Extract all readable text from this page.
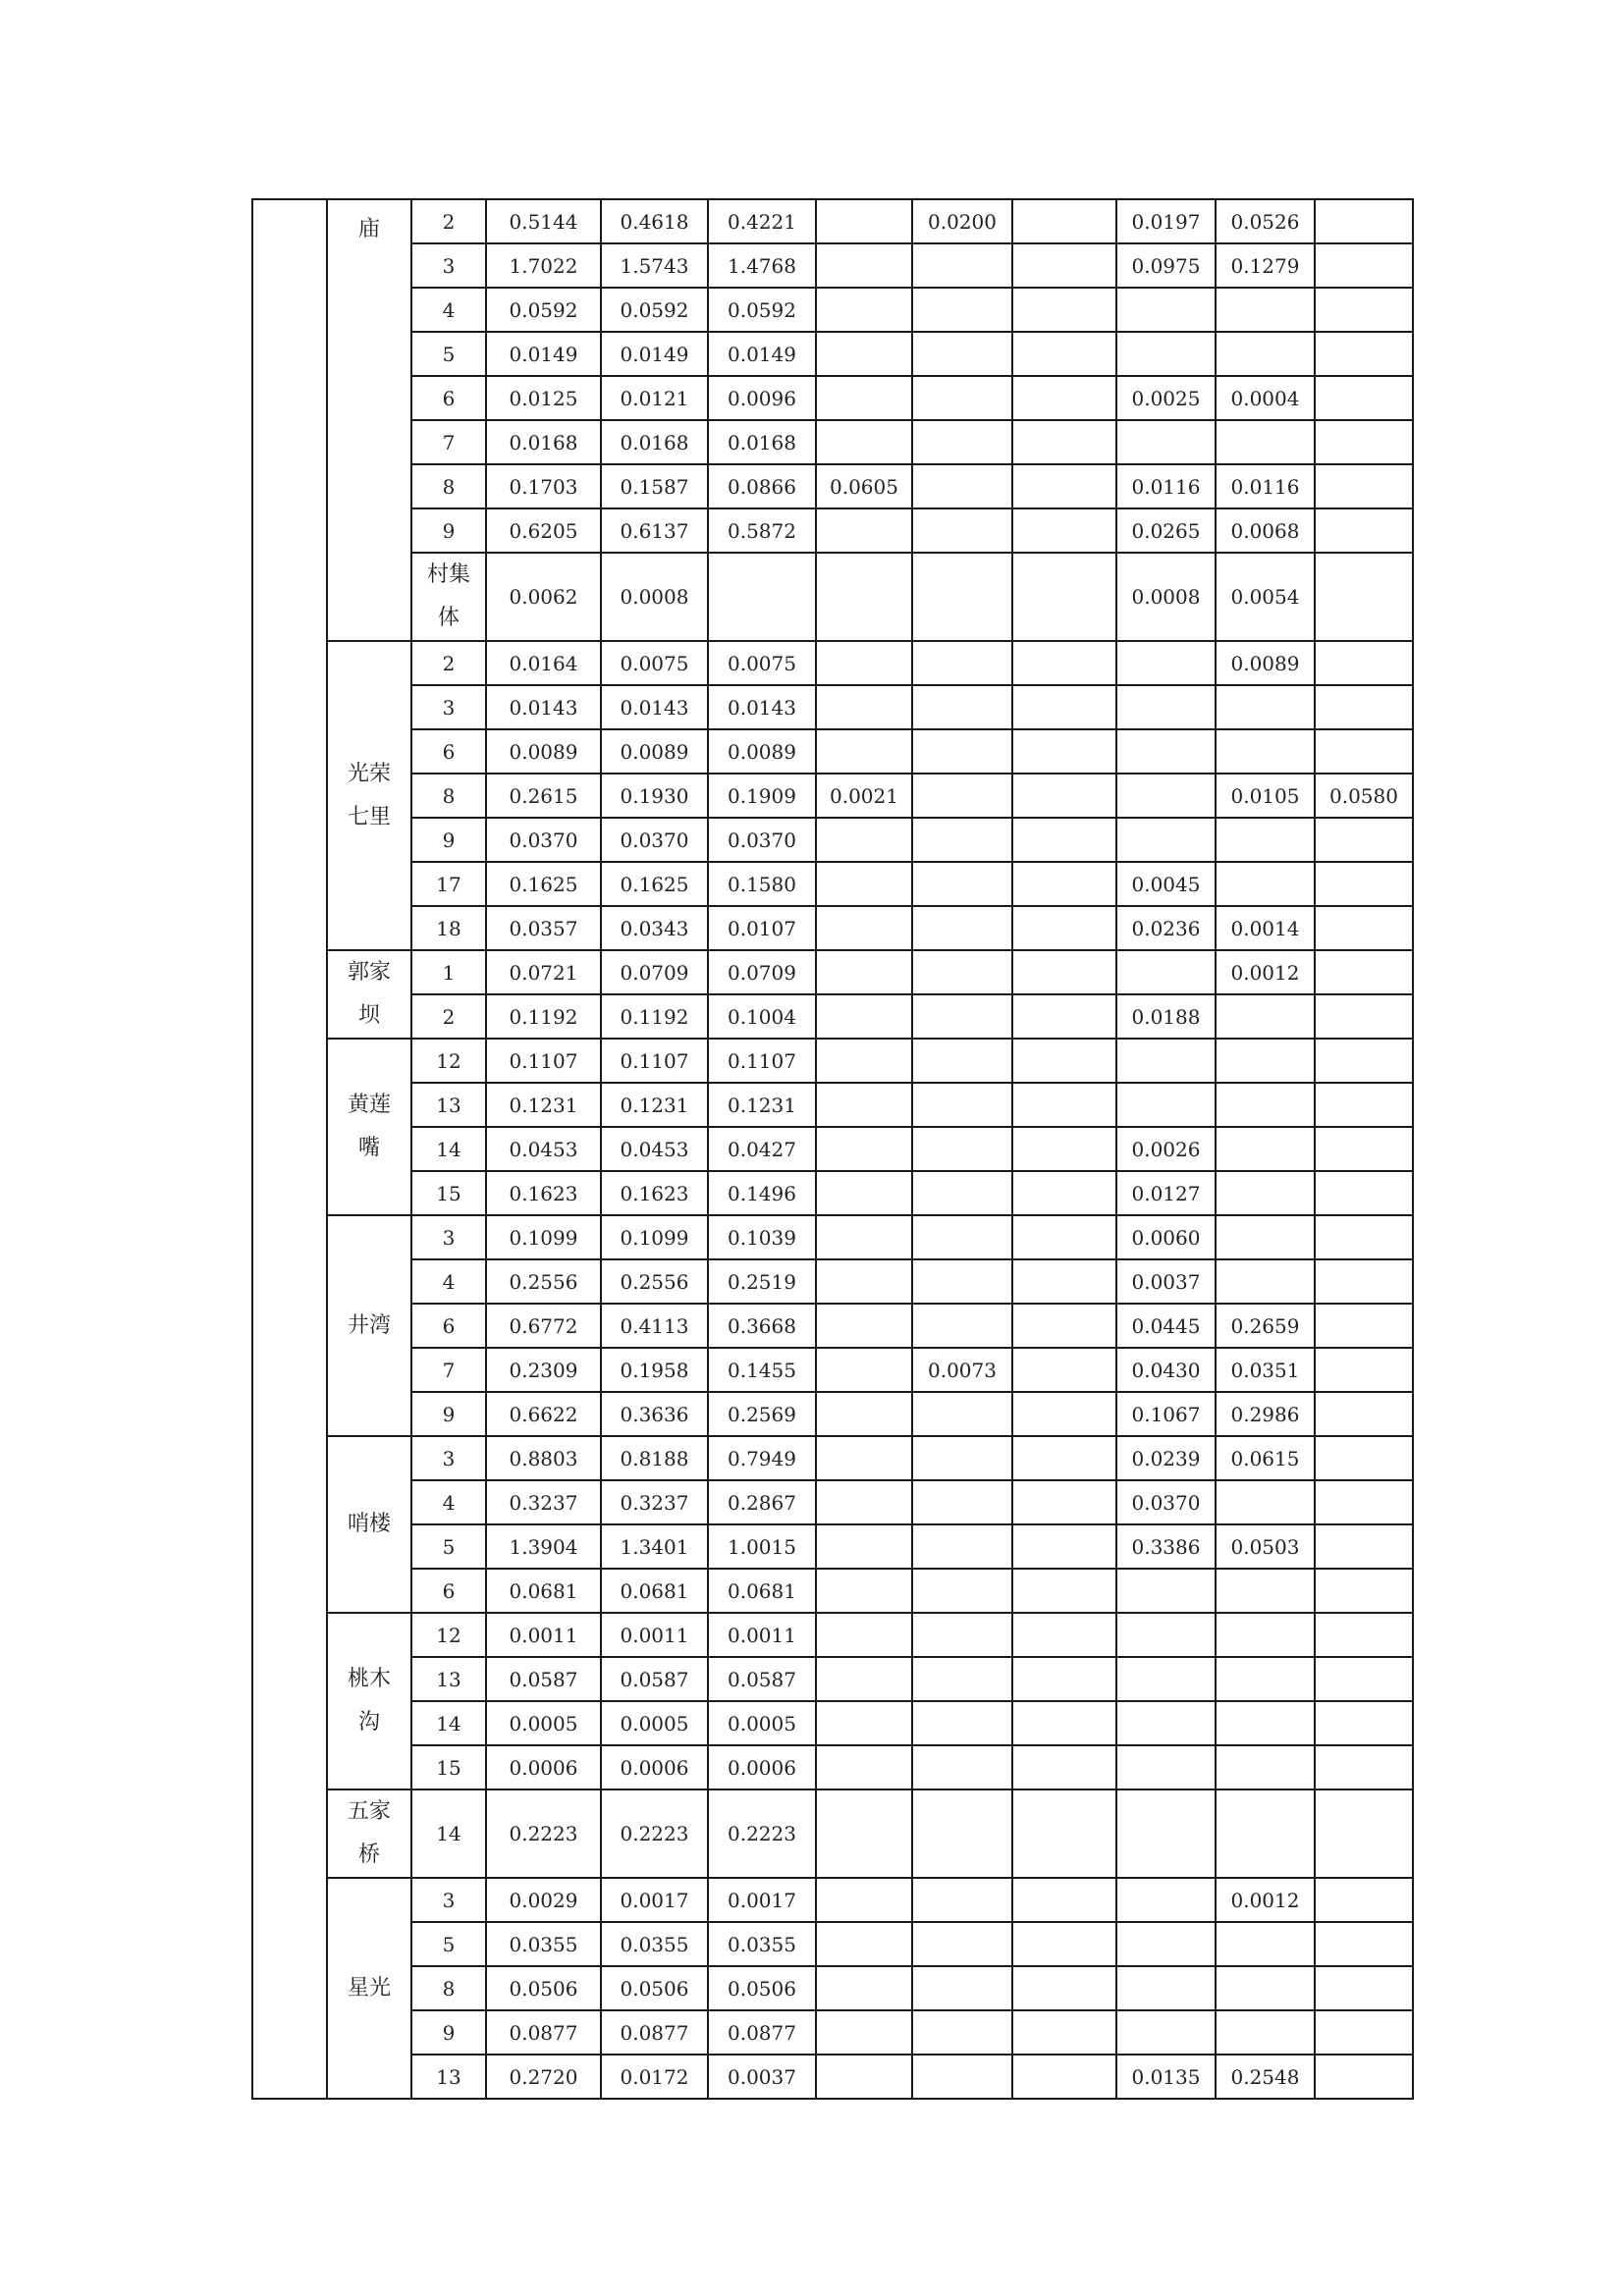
	庙	2	0.5144	0.4618	0.4221		0.0200		0.0197	0.0526	
		3	1.7022	1.5743	1.4768				0.0975	0.1279	
		4	0.0592	0.0592	0.0592						
		5	0.0149	0.0149	0.0149						
		6	0.0125	0.0121	0.0096				0.0025	0.0004	
		7	0.0168	0.0168	0.0168						
		8	0.1703	0.1587	0.0866	0.0605			0.0116	0.0116	
		9	0.6205	0.6137	0.5872				0.0265	0.0068	
		村集体	0.0062	0.0008					0.0008	0.0054	
	光荣七里	2	0.0164	0.0075	0.0075					0.0089	
		3	0.0143	0.0143	0.0143						
		6	0.0089	0.0089	0.0089						
		8	0.2615	0.1930	0.1909	0.0021				0.0105	0.0580
		9	0.0370	0.0370	0.0370						
		17	0.1625	0.1625	0.1580				0.0045		
		18	0.0357	0.0343	0.0107				0.0236	0.0014	
	郭家坝	1	0.0721	0.0709	0.0709					0.0012	
		2	0.1192	0.1192	0.1004				0.0188		
	黄莲嘴	12	0.1107	0.1107	0.1107						
		13	0.1231	0.1231	0.1231						
		14	0.0453	0.0453	0.0427				0.0026		
		15	0.1623	0.1623	0.1496				0.0127		
	井湾	3	0.1099	0.1099	0.1039				0.0060		
		4	0.2556	0.2556	0.2519				0.0037		
		6	0.6772	0.4113	0.3668				0.0445	0.2659	
		7	0.2309	0.1958	0.1455		0.0073		0.0430	0.0351	
		9	0.6622	0.3636	0.2569				0.1067	0.2986	
	哨楼	3	0.8803	0.8188	0.7949				0.0239	0.0615	
		4	0.3237	0.3237	0.2867				0.0370		
		5	1.3904	1.3401	1.0015				0.3386	0.0503	
		6	0.0681	0.0681	0.0681						
	桃木沟	12	0.0011	0.0011	0.0011						
		13	0.0587	0.0587	0.0587						
		14	0.0005	0.0005	0.0005						
		15	0.0006	0.0006	0.0006						
	五家桥	14	0.2223	0.2223	0.2223						
	星光	3	0.0029	0.0017	0.0017					0.0012	
		5	0.0355	0.0355	0.0355						
		8	0.0506	0.0506	0.0506						
		9	0.0877	0.0877	0.0877						
		13	0.2720	0.0172	0.0037				0.0135	0.2548	
